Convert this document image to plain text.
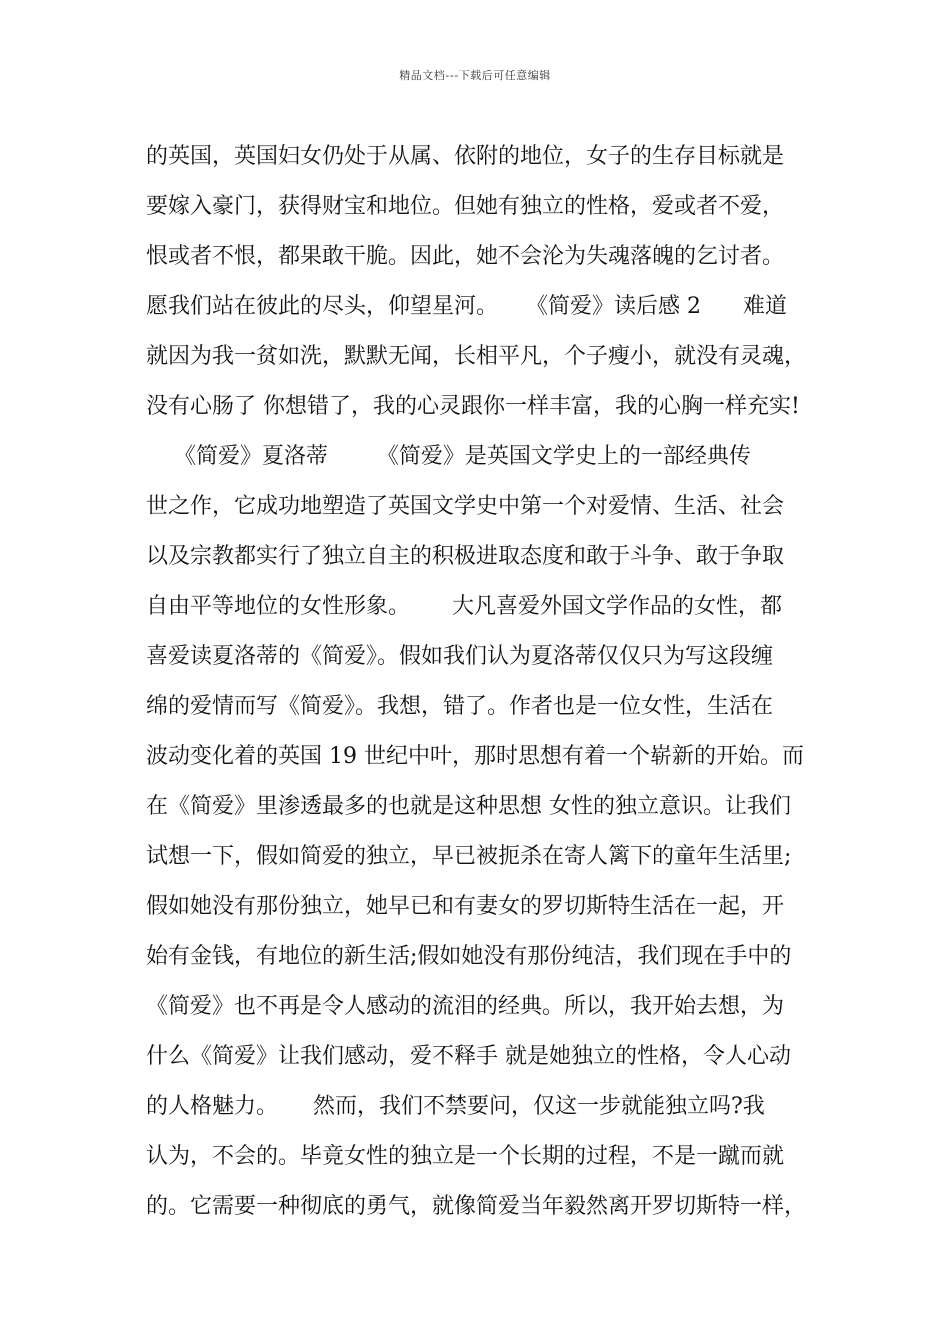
精品文档---下载后可任意编辑
的英国，英国妇女仍处于从属、依附的地位，女子的生存目标就是
要嫁入豪门，获得财宝和地位。但她有独立的性格，爱或者不爱，
恨或者不恨，都果敢干脆。因此，她不会沦为失魂落魄的乞讨者。
愿我们站在彼此的尽头，仰望星河。    《简爱》读后感 2      难道
就因为我一贫如洗，默默无闻，长相平凡，个子瘦小，就没有灵魂，
没有心肠了 你想错了，我的心灵跟你一样丰富，我的心胸一样充实!
《简爱》夏洛蒂       《简爱》是英国文学史上的一部经典传
世之作，它成功地塑造了英国文学史中第一个对爱情、生活、社会
以及宗教都实行了独立自主的积极进取态度和敢于斗争、敢于争取
自由平等地位的女性形象。      大凡喜爱外国文学作品的女性，都
喜爱读夏洛蒂的《简爱》。假如我们认为夏洛蒂仅仅只为写这段缠
绵的爱情而写《简爱》。我想，错了。作者也是一位女性，生活在
波动变化着的英国 19 世纪中叶，那时思想有着一个崭新的开始。而
在《简爱》里渗透最多的也就是这种思想 女性的独立意识。让我们
试想一下，假如简爱的独立，早已被扼杀在寄人篱下的童年生活里;
假如她没有那份独立，她早已和有妻女的罗切斯特生活在一起，开
始有金钱，有地位的新生活;假如她没有那份纯洁，我们现在手中的
《简爱》也不再是令人感动的流泪的经典。所以，我开始去想，为
什么《简爱》让我们感动，爱不释手 就是她独立的性格，令人心动
的人格魅力。     然而，我们不禁要问，仅这一步就能独立吗?我
认为，不会的。毕竟女性的独立是一个长期的过程，不是一蹴而就
的。它需要一种彻底的勇气，就像简爱当年毅然离开罗切斯特一样，
